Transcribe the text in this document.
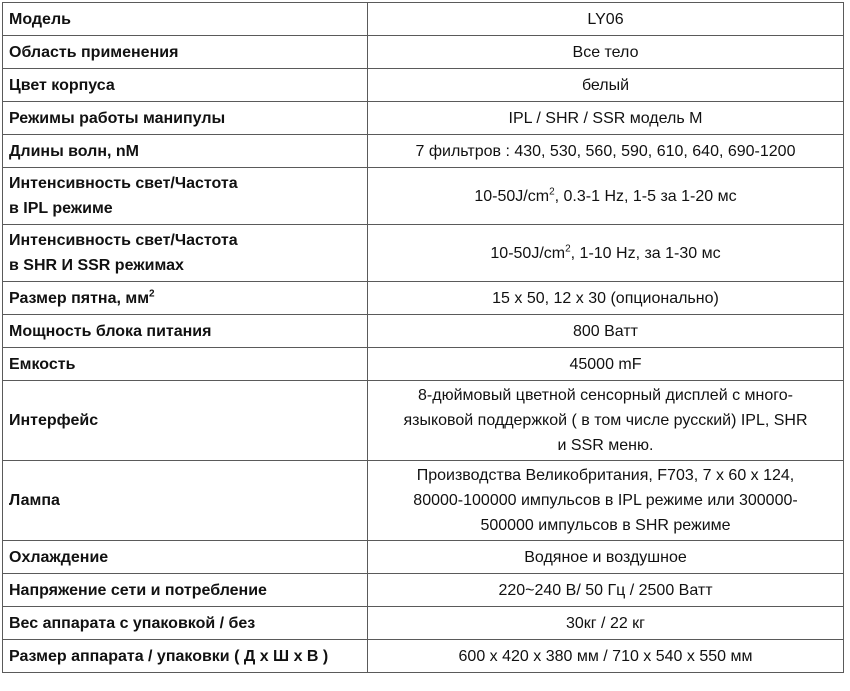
Модель	LY06
Область применения	Все тело
Цвет корпуса	белый
Режимы работы манипулы	IPL / SHR / SSR модель M
Длины волн, nM	7 фильтров : 430, 530, 560, 590, 610, 640, 690-1200

Интенсивность свет/Частота
в IPL режиме	$10-50J/cm^2$, 0.3-1 Hz, 1-5 за 1-20 мс

Интенсивность свет/Частота
в SHR И SSR режимах	$10-50J/cm^2$, 1-10 Hz, за 1-30 мс
Размер пятна, $мм^2$	15 x 50, 12 x 30 (опционально)
Мощность блока питания	800 Ватт
Емкость	45000 mF
Интерфейс	8-дюймовый цветной сенсорный дисплей с много-
языковой поддержкой ( в том числе русский) IPL, SHR
и SSR меню.

Лампа	Производства Великобритания, F703, 7 x 60 x 124,
80000-100000 импульсов в IPL режиме или 300000-
500000 импульсов в SHR режиме

Охлаждение	Водяное и воздушное
Напряжение сети и потребление	220~240 В/ 50 Гц / 2500 Ватт
Вес аппарата с упаковкой / без	30кг / 22 кг
Размер аппарата / упаковки ( Д х Ш х В )	600 x 420 x 380 мм / 710 x 540 x 550 мм
